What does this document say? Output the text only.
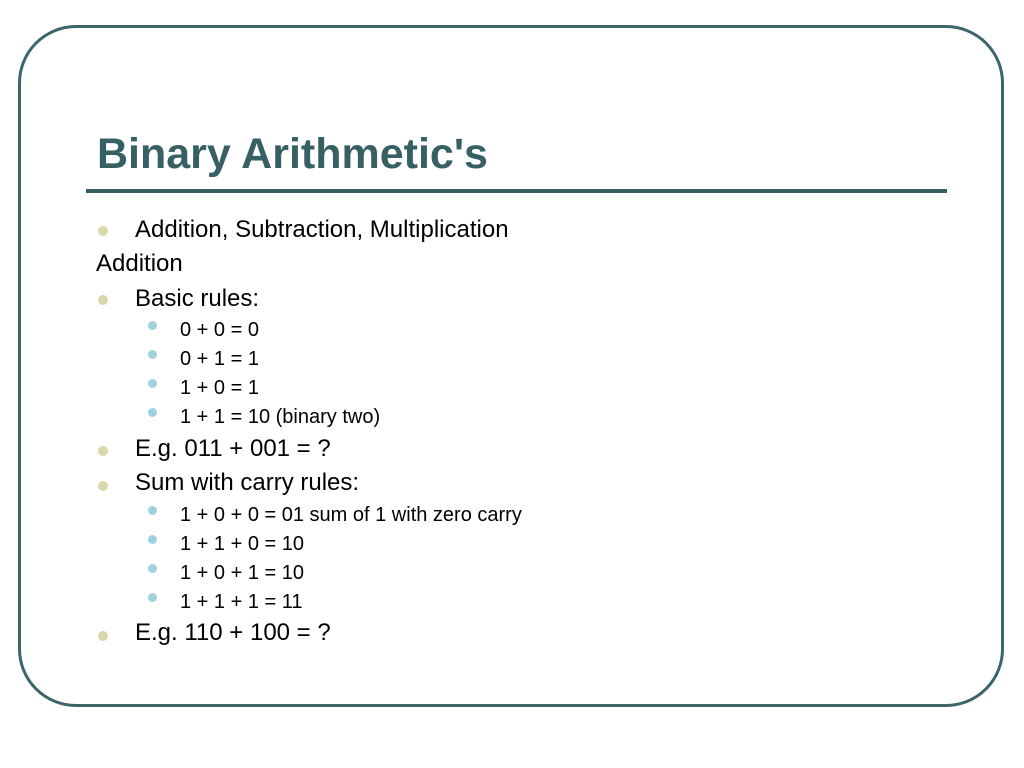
Binary Arithmetic's
Addition, Subtraction, Multiplication
Addition
Basic rules:
0 + 0 = 0
0 + 1 = 1
1 + 0 = 1
1 + 1 = 10 (binary two)
E.g. 011 + 001 = ?
Sum with carry rules:
1 + 0 + 0 = 01 sum of 1 with zero carry
1 + 1 + 0 = 10
1 + 0 + 1 = 10
1 + 1 + 1 = 11
E.g. 110 + 100 = ?
